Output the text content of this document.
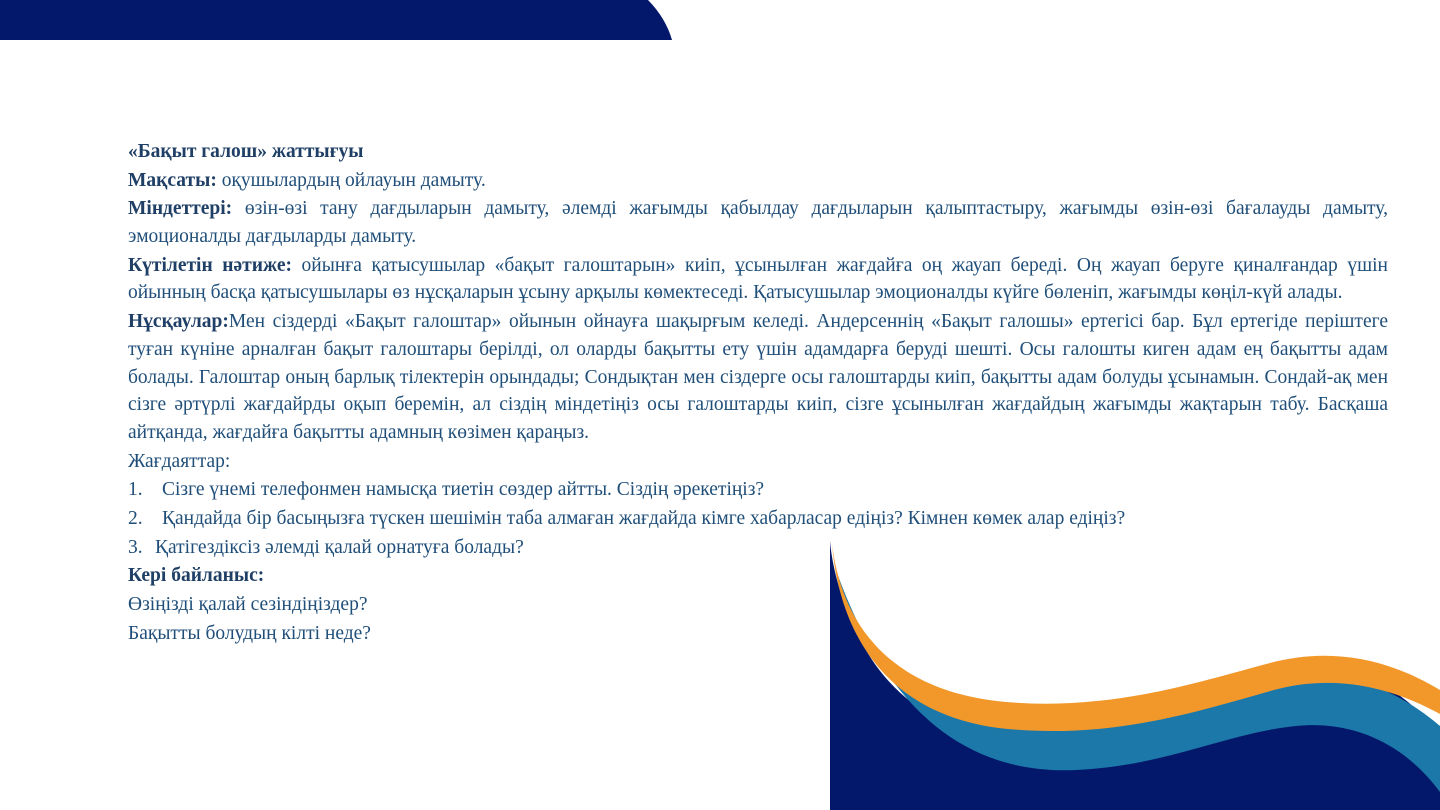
«Бақыт галош» жаттығуы

Мақсаты: оқушылардың ойлауын дамыту.

Міндеттері: өзін-өзі тану дағдыларын дамыту, әлемді жағымды қабылдау дағдыларын қалыптастыру, жағымды өзін-өзі бағалауды дамыту, эмоционалды дағдыларды дамыту.

Күтілетін нәтиже: ойынға қатысушылар «бақыт галоштарын» киіп, ұсынылған жағдайға оң жауап береді. Оң жауап беруге қиналғандар үшін ойынның басқа қатысушылары өз нұсқаларын ұсыну арқылы көмектеседі. Қатысушылар эмоционалды күйге бөленіп, жағымды көңіл-күй алады.

Нұсқаулар:Мен сіздерді «Бақыт галоштар» ойынын ойнауға шақырғым келеді. Андерсеннің «Бақыт галошы» ертегісі бар. Бұл ертегіде періштеге туған күніне арналған бақыт галоштары берілді, ол оларды бақытты ету үшін адамдарға беруді шешті. Осы галошты киген адам ең бақытты адам болады. Галоштар оның барлық тілектерін орындады; Сондықтан мен сіздерге осы галоштарды киіп, бақытты адам болуды ұсынамын. Сондай-ақ мен сізге әртүрлі жағдайрды оқып беремін, ал сіздің міндетіңіз осы галоштарды киіп, сізге ұсынылған жағдайдың жағымды жақтарын табу. Басқаша айтқанда, жағдайға бақытты адамның көзімен қараңыз.

Жағдаяттар:

1. Сізге үнемі телефонмен намысқа тиетін сөздер айтты. Сіздің әрекетіңіз?

2. Қандайда бір басыңызға түскен шешімін таба алмаған жағдайда кімге хабарласар едіңіз? Кімнен көмек алар едіңіз?

3. Қатігездіксіз әлемді қалай орнатуға болады?

Кері байланыс:

Өзіңізді қалай сезіндіңіздер?

Бақытты болудың кілті неде?
